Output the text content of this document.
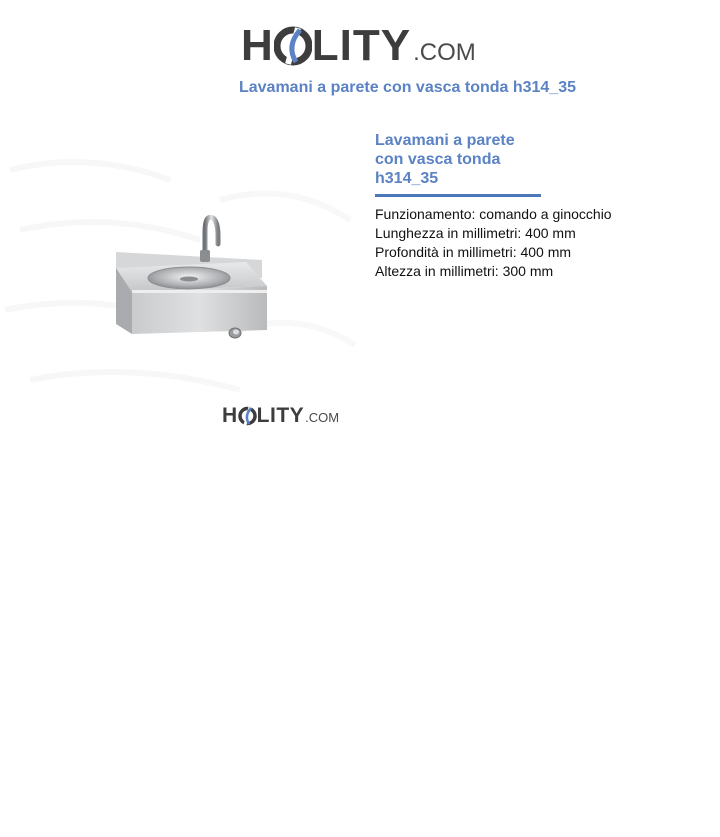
H LITY .COM
Lavamani a parete con vasca tonda h314_35
Lavamani a parete
con vasca tonda
h314_35
Funzionamento: comando a ginocchio
Lunghezza in millimetri: 400 mm
Profondità in millimetri: 400 mm
Altezza in millimetri: 300 mm
H LITY .COM
